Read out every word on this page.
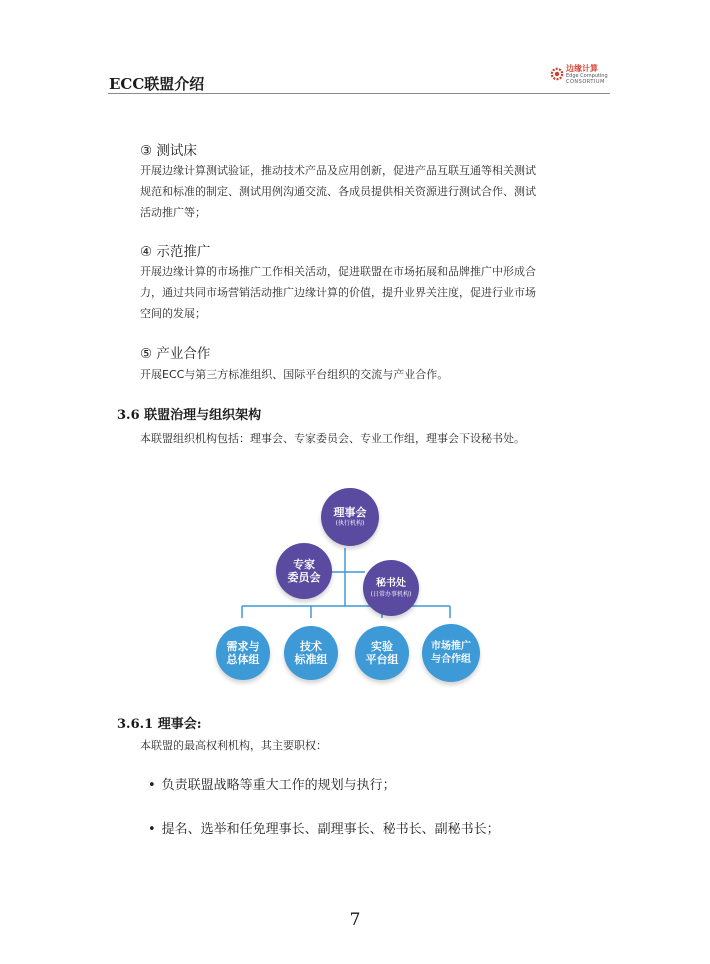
ECC联盟介绍
边缘计算
Edge Computing
CONSORTIUM
③ 测试床
开展边缘计算测试验证，推动技术产品及应用创新，促进产品互联互通等相关测试
规范和标准的制定、测试用例沟通交流、各成员提供相关资源进行测试合作、测试
活动推广等；
④ 示范推广
开展边缘计算的市场推广工作相关活动，促进联盟在市场拓展和品牌推广中形成合
力，通过共同市场营销活动推广边缘计算的价值，提升业界关注度，促进行业市场
空间的发展；
⑤ 产业合作
开展ECC与第三方标准组织、国际平台组织的交流与产业合作。
3.6 联盟治理与组织架构
本联盟组织机构包括：理事会、专家委员会、专业工作组，理事会下设秘书处。
理事会
(执行机构)
专家
委员会	秘书处
(日常办事机构)
需求与
总体组
技术
标准组
实验
平台组
市场推广
与合作组
3.6.1 理事会:
本联盟的最高权利机构，其主要职权：
• 负责联盟战略等重大工作的规划与执行；
• 提名、选举和任免理事长、副理事长、秘书长、副秘书长；
7
